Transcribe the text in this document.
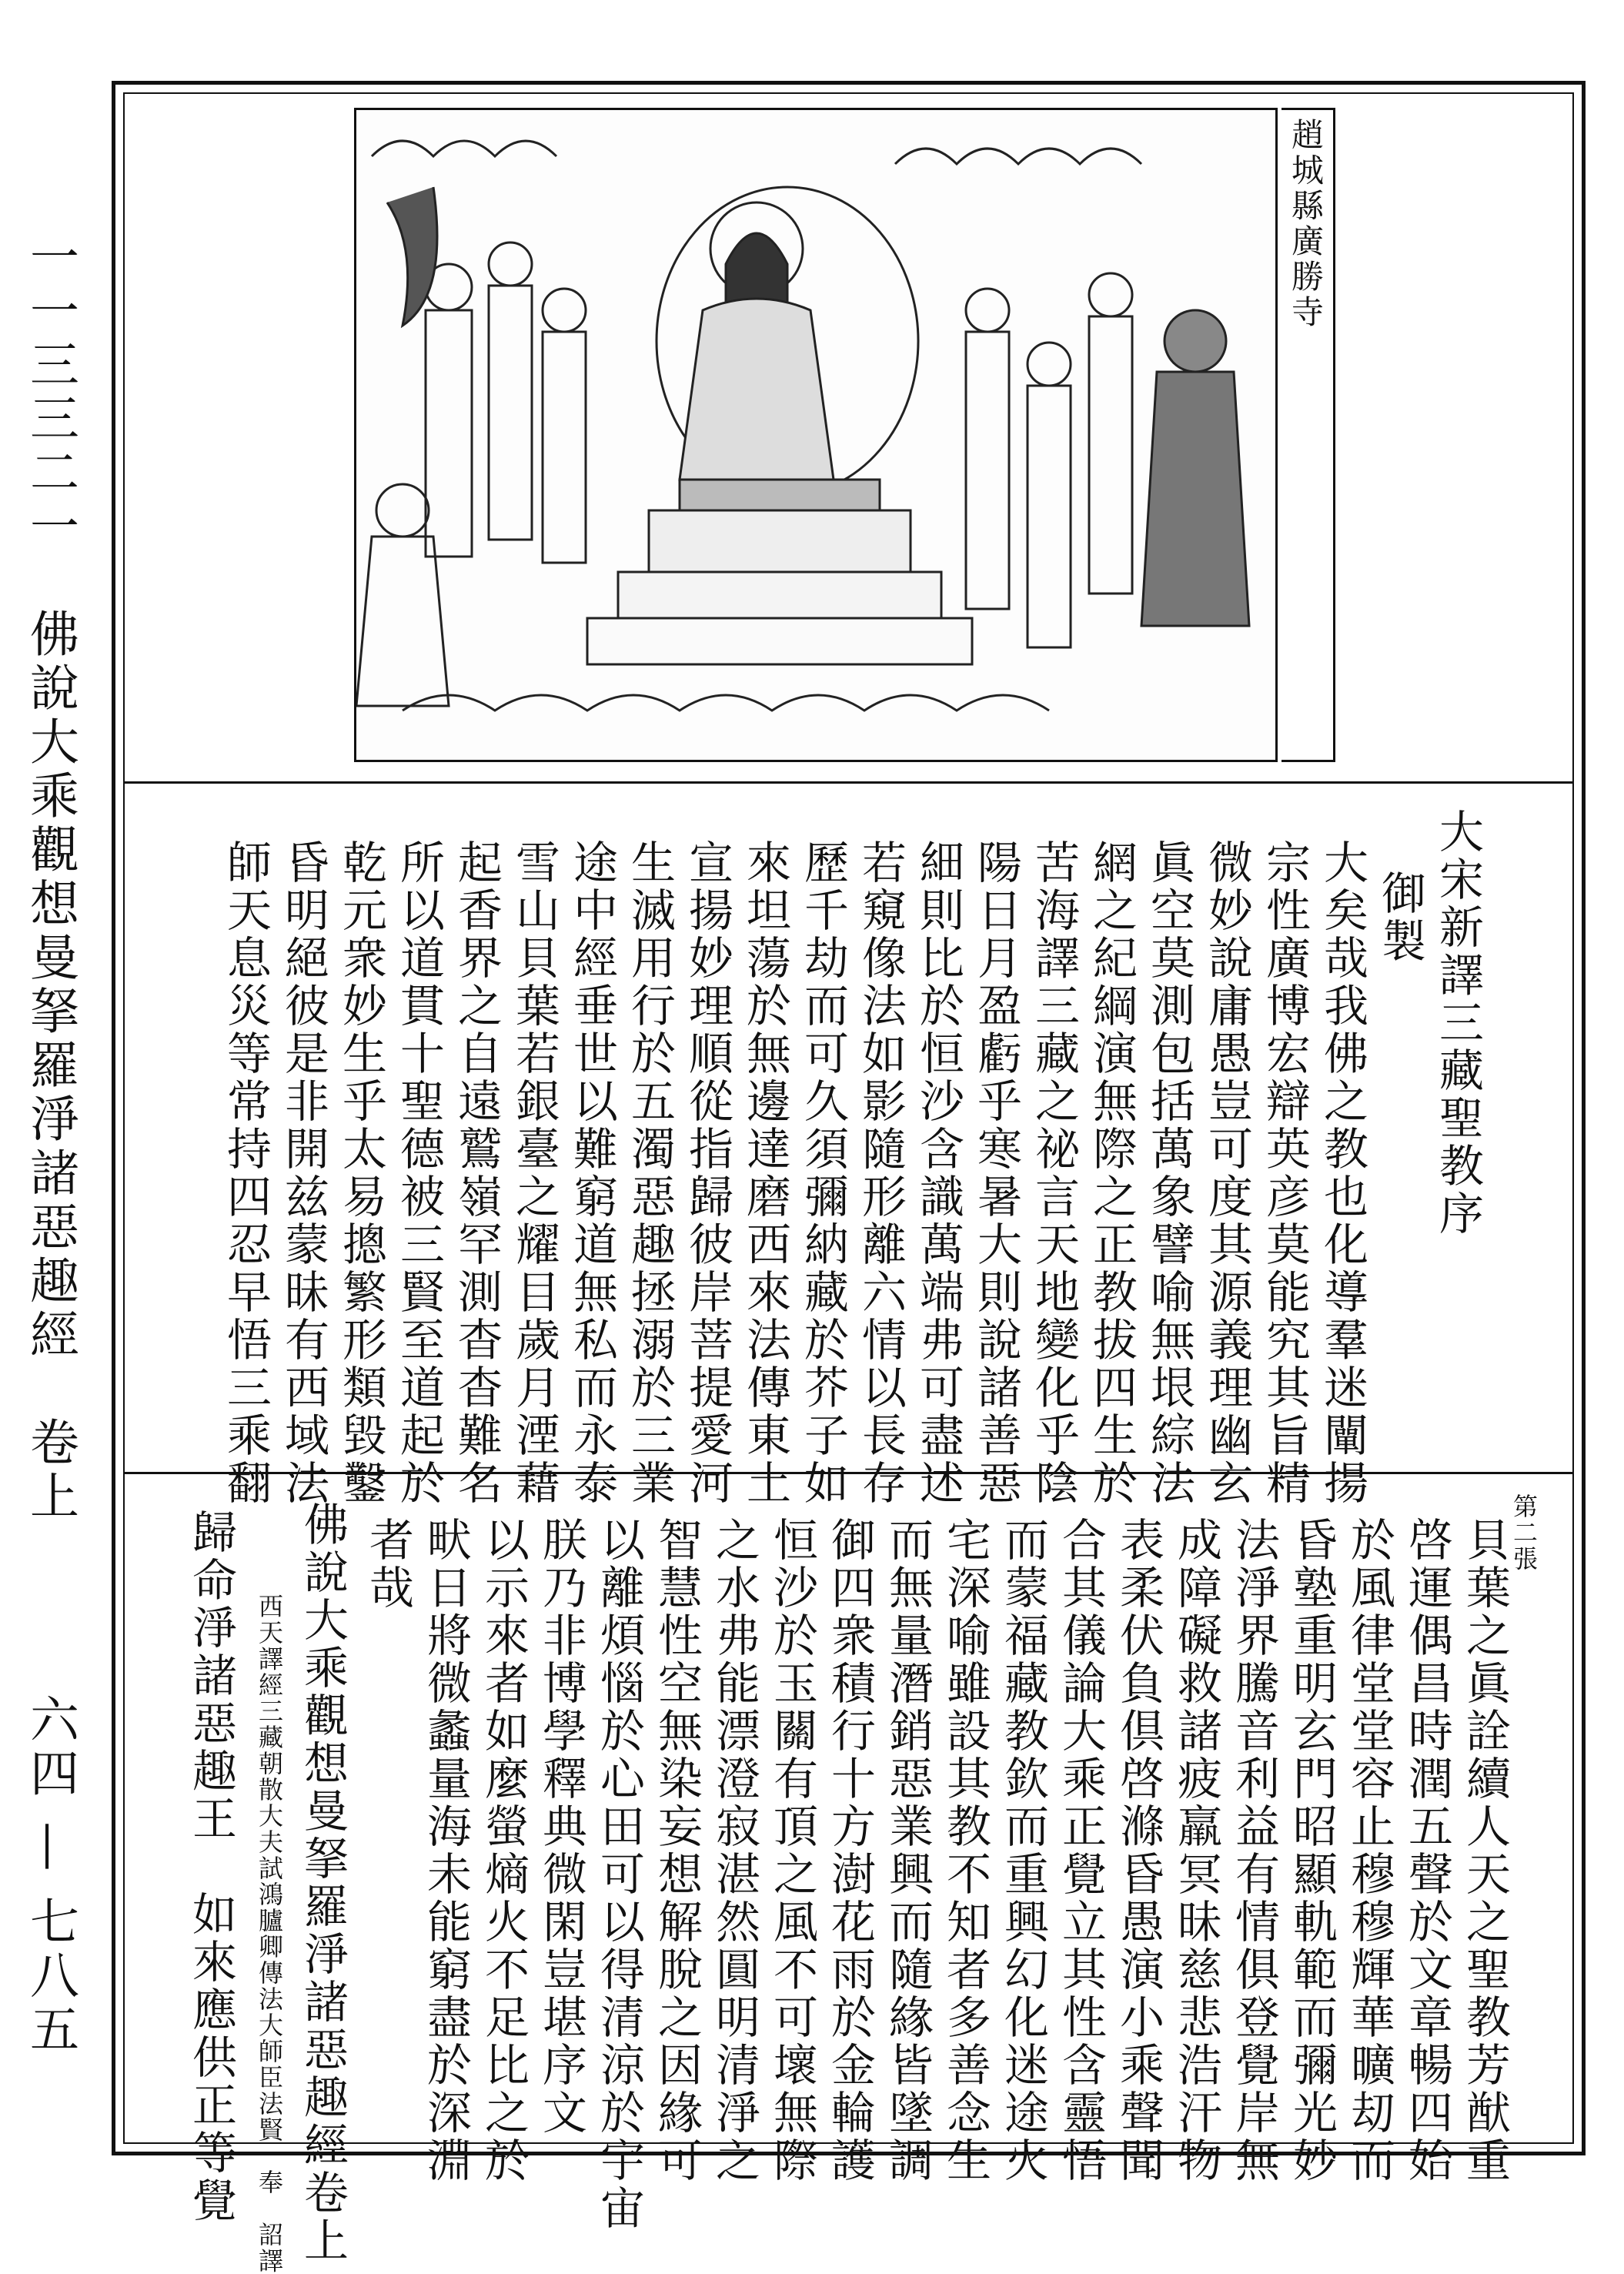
一一三三二一　佛說大乘觀想曼拏羅淨諸惡趣經　卷上
六四 — 七八五
趙城縣廣勝寺
大宋新譯三藏聖教序
御製
大矣哉我佛之教也化導羣迷闡揚
宗性廣博宏辯英彦莫能究其旨精
微妙說庸愚豈可度其源義理幽玄
眞空莫測包括萬象譬喻無垠綜法
網之紀綱演無際之正教拔四生於
苦海譯三藏之祕言天地變化乎陰
陽日月盈虧乎寒暑大則說諸善惡
細則比於恒沙含識萬端弗可盡述
若窺像法如影隨形離六情以長存
歷千劫而可久須彌納藏於芥子如
來坦蕩於無邊達磨西來法傳東土
宣揚妙理順從指歸彼岸菩提愛河
生滅用行於五濁惡趣拯溺於三業
途中經垂世以難窮道無私而永泰
雪山貝葉若銀臺之耀目歲月湮藉
起香界之自遠鷲嶺罕測杳杳難名
所以道貫十聖德被三賢至道起於
乾元衆妙生乎太易摠繁形類毀鑿
昏明絕彼是非開兹蒙昧有西域法
師天息災等常持四忍早悟三乘翻
第二張
貝葉之眞詮續人天之聖教芳猷重
啓運偶昌時潤五聲於文章暢四始
於風律堂堂容止穆穆輝華曠刧而
昏塾重明玄門昭顯軌範而彌光妙
法淨界騰音利益有情俱登覺岸無
成障礙救諸疲羸冥昧慈悲浩汗物
表柔伏負倶啓滌昏愚演小乘聲聞
合其儀論大乘正覺立其性含靈悟
而蒙福藏教欽而重興幻化迷途火
宅深喻雖設其教不知者多善念生
而無量潛銷惡業興而隨緣皆墜調
御四衆積行十方澍花雨於金輪護
恒沙於玉關有頂之風不可壞無際
之水弗能漂澄寂湛然圓明清淨之
智慧性空無染妄想解脫之因緣可
以離煩惱於心田可以得清涼於宇宙
朕乃非博學釋典微閑豈堪序文
以示來者如麼螢熵火不足比之於
畎日將微蠡量海未能窮盡於深淵
者哉
佛說大乘觀想曼拏羅淨諸惡趣經卷上
西天譯經三藏朝散大夫試鴻臚卿傳法大師臣法賢　奉　詔譯
歸命淨諸惡趣王　如來應供正等覺
